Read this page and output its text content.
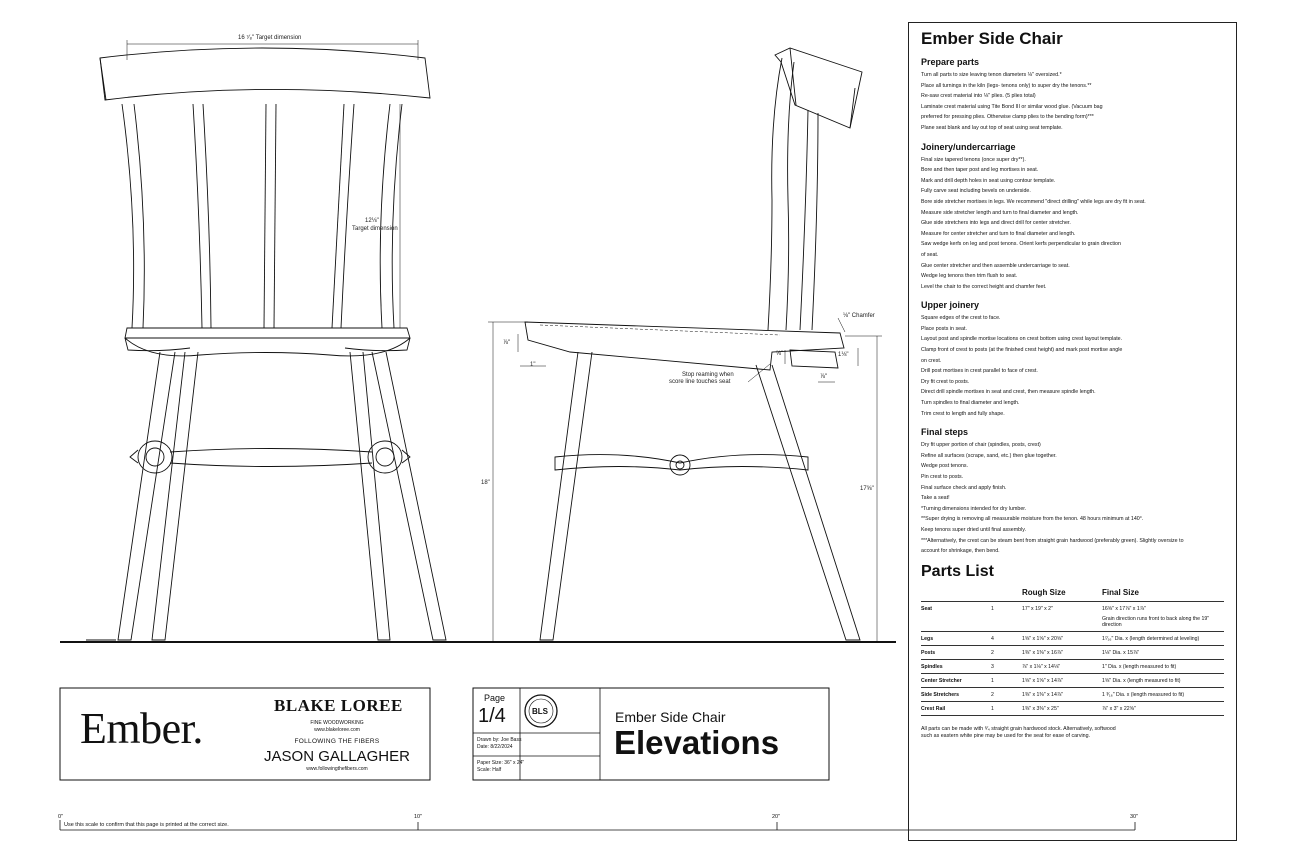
16 ⁷⁄₈" Target dimension
12⅛"
Target dimension
⅛" Chamfer
⅞"
1"
⅝"	1⅛"
⅞"
Stop reaming when
score line touches seat
18"
17⅝"
Ember Side Chair
Prepare parts
Turn all parts to size leaving tenon diameters ⅛" oversized.*
Place all turnings in the kiln (legs- tenons only) to super dry the tenons.**
Re-saw crest material into ⅛" plies. (5 plies total)
Laminate crest material using Tite Bond III or similar wood glue. (Vacuum bag
preferred for pressing plies. Otherwise clamp plies to the bending form)***
Plane seat blank and lay out top of seat using seat template.
Joinery/undercarriage
Final size tapered tenons (once super dry**).
Bore and then taper post and leg mortises in seat.
Mark and drill depth holes in seat using contour template.
Fully carve seat including bevels on underside.
Bore side stretcher mortises in legs. We recommend "direct drilling" while legs are dry fit in seat.
Measure side stretcher length and turn to final diameter and length.
Glue side stretchers into legs and direct drill for center stretcher.
Measure for center stretcher and turn to final diameter and length.
Saw wedge kerfs on leg and post tenons. Orient kerfs perpendicular to grain direction
of seat.
Glue center stretcher and then assemble undercarriage to seat.
Wedge leg tenons then trim flush to seat.
Level the chair to the correct height and chamfer feet.
Upper joinery
Square edges of the crest to face.
Place posts in seat.
Layout post and spindle mortise locations on crest bottom using crest layout template.
Clamp front of crest to posts (at the finished crest height) and mark post mortise angle
on crest.
Drill post mortises in crest parallel to face of crest.
Dry fit crest to posts.
Direct drill spindle mortises in seat and crest, then measure spindle length.
Turn spindles to final diameter and length.
Trim crest to length and fully shape.
Final steps
Dry fit upper portion of chair (spindles, posts, crest)
Refine all surfaces (scrape, sand, etc.) then glue together.
Wedge post tenons.
Pin crest to posts.
Final surface check and apply finish.
Take a seat!
*Turning dimensions intended for dry lumber.
**Super drying is removing all measurable moisture from the tenon. 48 hours minimum at 140°.
Keep tenons super dried until final assembly.
***Alternatively, the crest can be steam bent from straight grain hardwood (preferably green). Slightly oversize to
account for shrinkage, then bend.
Parts List
Rough Size	Final Size
Seat	1	17" x 19" x 2"	16⅝" x 17⅞" x 1⅞"

Grain direction runs front to back along the 19" direction
Legs	4	1⅝" x 1⅝" x 20⅝"	1⁷⁄₁₆" Dia. x (length determined at leveling)
Posts	2	1⅜" x 1⅜" x 16⅞"	1⅛" Dia. x 15⅞"
Spindles	3	⅞" x 1⅛" x 14⅛"	1" Dia. x (length measured to fit)
Center Stretcher	1	1⅝" x 1⅝" x 14⅞"	1⅝" Dia. x (length measured to fit)
Side Stretchers	2	1⅜" x 1⅜" x 14⅞"	1 ³⁄₁₆" Dia. x (length measured to fit)
Crest Rail	1	1⅜" x 3⅜" x 25"	⅞" x 3" x 22⅝"
All parts can be made with ⁶⁄₄ straight grain hardwood stock. Alternatively, softwood
such as eastern white pine may be used for the seat for ease of carving.
Ember.	BLAKE LOREE
FINE WOODWORKING
www.blakeloree.com
FOLLOWING THE FIBERS
JASON GALLAGHER
www.followingthefibers.com
Page
1/4	BLS
Drawn by: Joe Bass
Date: 8/22/2024
Paper Size: 36" x 24"
Scale: Half
Ember Side Chair
Elevations
0"	10"	20"	30"
Use this scale to confirm that this page is printed at the correct size.
